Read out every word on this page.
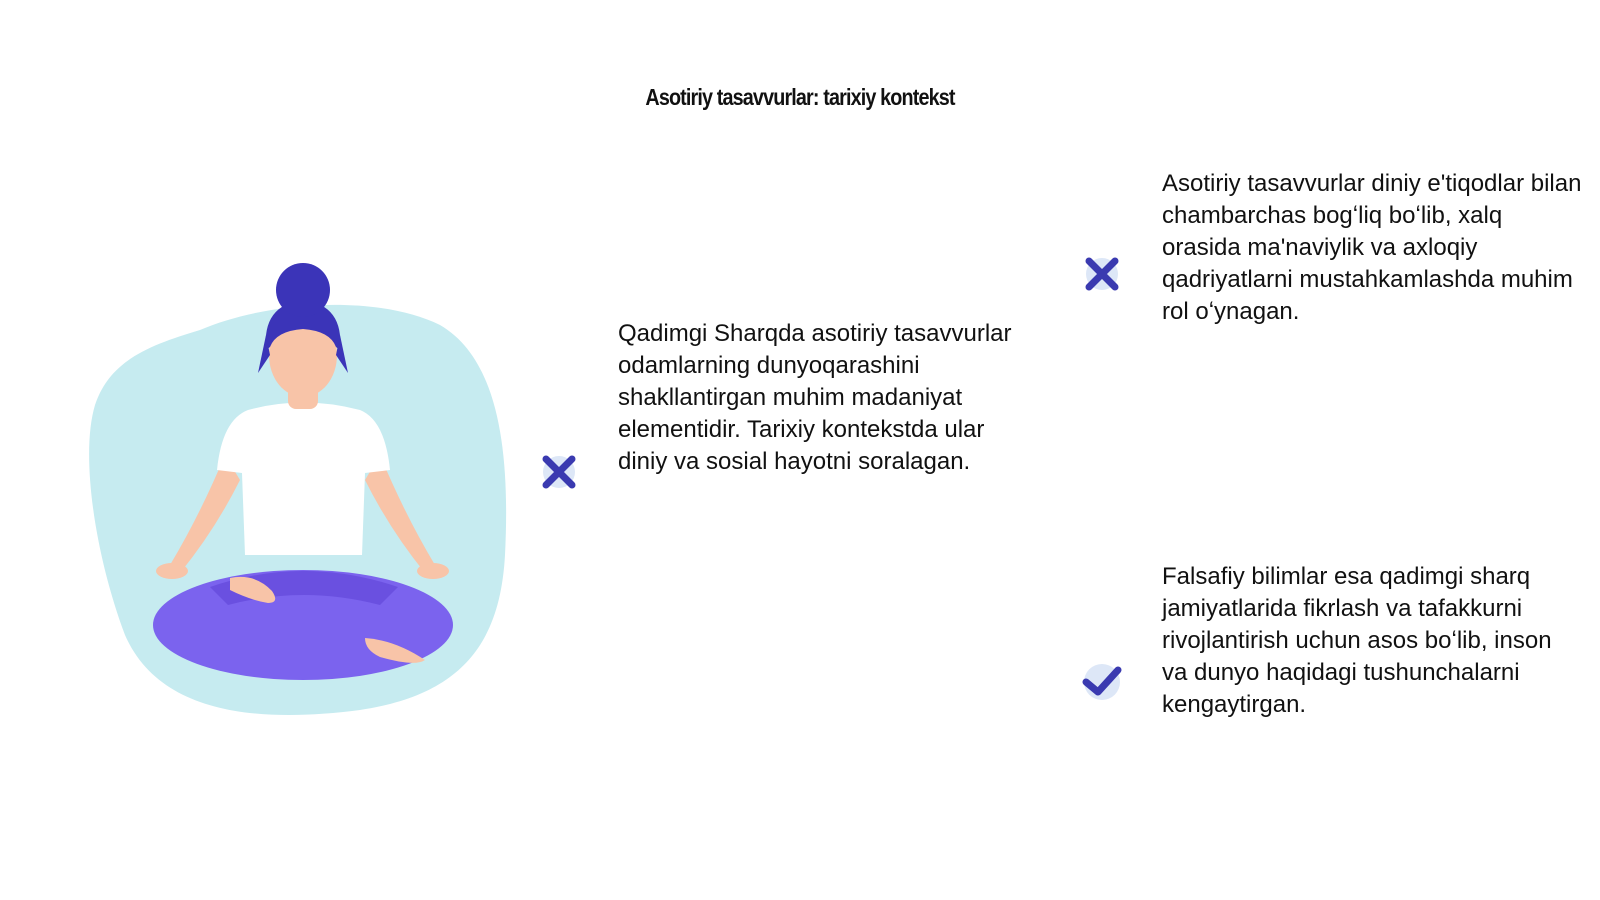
Asotiriy tasavvurlar: tarixiy kontekst

Qadimgi Sharqda asotiriy tasavvurlar odamlarning dunyoqarashini shakllantirgan muhim madaniyat elementidir. Tarixiy kontekstda ular diniy va sosial hayotni soralagan.

Asotiriy tasavvurlar diniy e'tiqodlar bilan chambarchas bogʻliq boʻlib, xalq orasida ma'naviylik va axloqiy qadriyatlarni mustahkamlashda muhim rol oʻynagan.

Falsafiy bilimlar esa qadimgi sharq jamiyatlarida fikrlash va tafakkurni rivojlantirish uchun asos boʻlib, inson va dunyo haqidagi tushunchalarni kengaytirgan.
